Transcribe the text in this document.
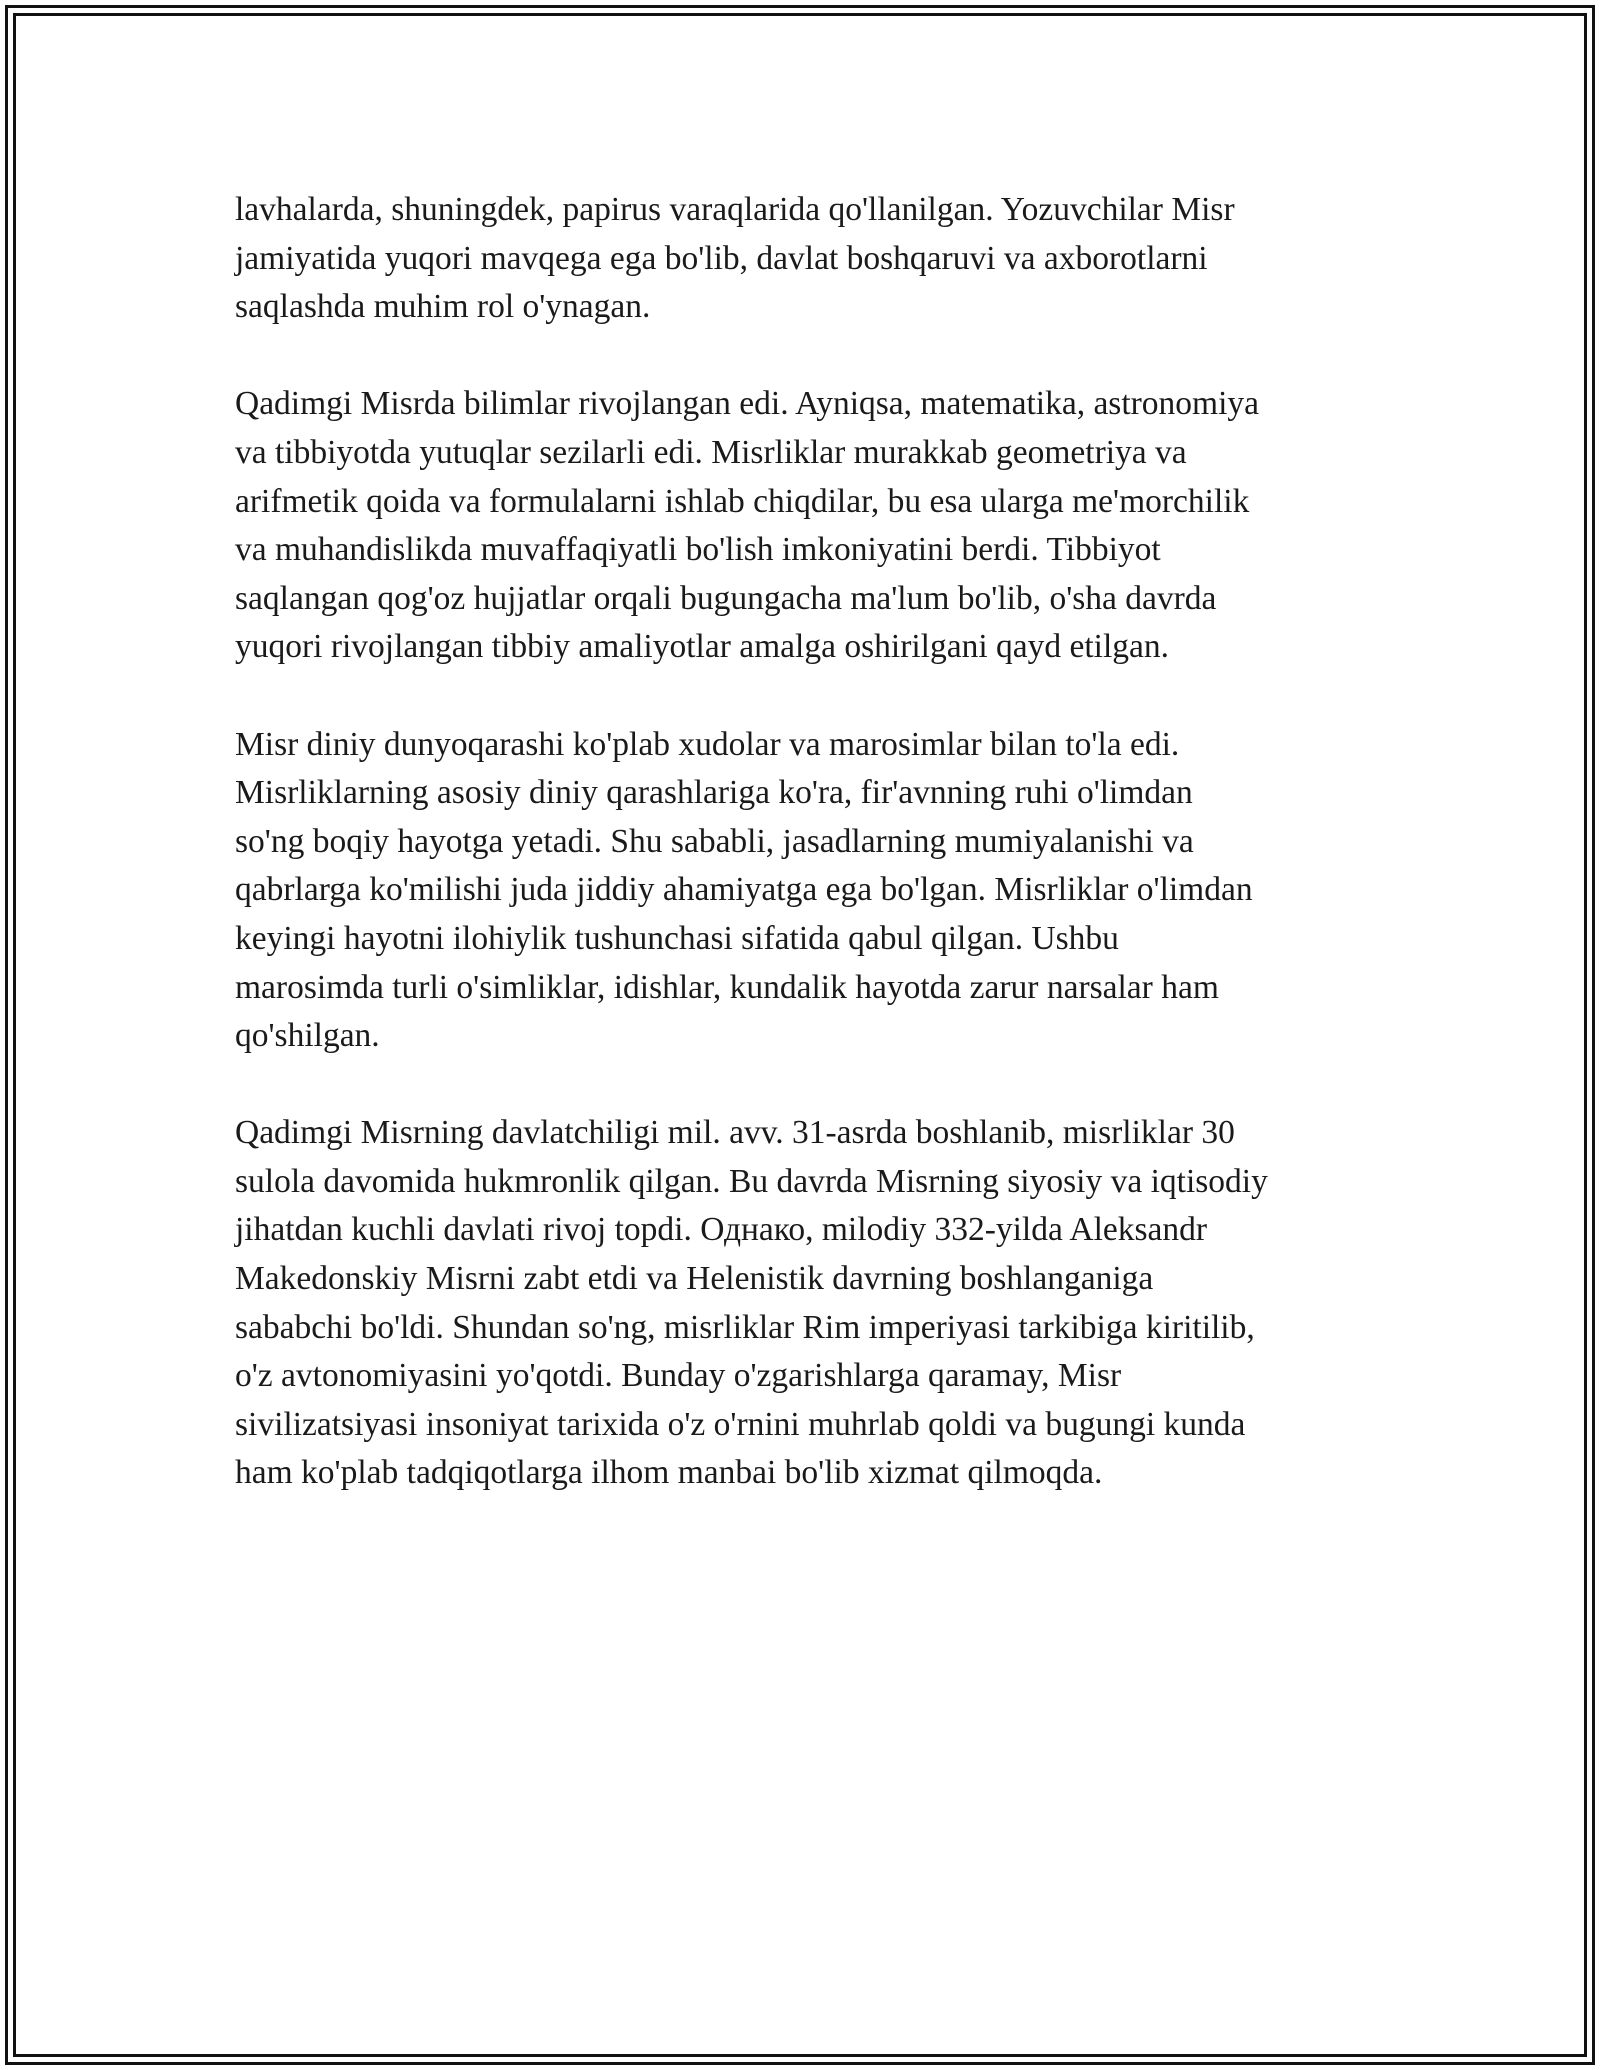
lavhalarda, shuningdek, papirus varaqlarida qo'llanilgan. Yozuvchilar Misr
jamiyatida yuqori mavqega ega bo'lib, davlat boshqaruvi va axborotlarni
saqlashda muhim rol o'ynagan.

Qadimgi Misrda bilimlar rivojlangan edi. Ayniqsa, matematika, astronomiya
va tibbiyotda yutuqlar sezilarli edi. Misrliklar murakkab geometriya va
arifmetik qoida va formulalarni ishlab chiqdilar, bu esa ularga me'morchilik
va muhandislikda muvaffaqiyatli bo'lish imkoniyatini berdi. Tibbiyot
saqlangan qog'oz hujjatlar orqali bugungacha ma'lum bo'lib, o'sha davrda
yuqori rivojlangan tibbiy amaliyotlar amalga oshirilgani qayd etilgan.

Misr diniy dunyoqarashi ko'plab xudolar va marosimlar bilan to'la edi.
Misrliklarning asosiy diniy qarashlariga ko'ra, fir'avnning ruhi o'limdan
so'ng boqiy hayotga yetadi. Shu sababli, jasadlarning mumiyalanishi va
qabrlarga ko'milishi juda jiddiy ahamiyatga ega bo'lgan. Misrliklar o'limdan
keyingi hayotni ilohiylik tushunchasi sifatida qabul qilgan. Ushbu
marosimda turli o'simliklar, idishlar, kundalik hayotda zarur narsalar ham
qo'shilgan.

Qadimgi Misrning davlatchiligi mil. avv. 31-asrda boshlanib, misrliklar 30
sulola davomida hukmronlik qilgan. Bu davrda Misrning siyosiy va iqtisodiy
jihatdan kuchli davlati rivoj topdi. Однако, milodiy 332-yilda Aleksandr
Makedonskiy Misrni zabt etdi va Helenistik davrning boshlanganiga
sababchi bo'ldi. Shundan so'ng, misrliklar Rim imperiyasi tarkibiga kiritilib,
o'z avtonomiyasini yo'qotdi. Bunday o'zgarishlarga qaramay, Misr
sivilizatsiyasi insoniyat tarixida o'z o'rnini muhrlab qoldi va bugungi kunda
ham ko'plab tadqiqotlarga ilhom manbai bo'lib xizmat qilmoqda.
